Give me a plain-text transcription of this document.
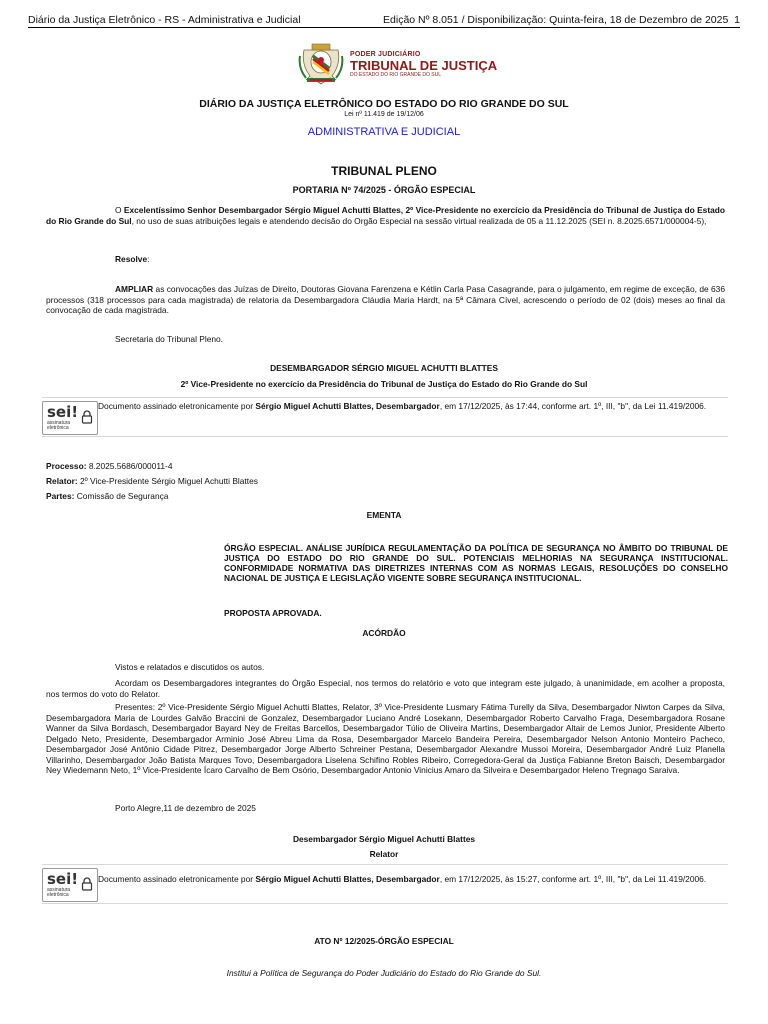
Diário da Justiça Eletrônico - RS - Administrativa e Judicial	Edição Nº 8.051 / Disponibilização: Quinta-feira, 18 de Dezembro de 2025 1
PODER JUDICIÁRIO
TRIBUNAL DE JUSTIÇA
DO ESTADO DO RIO GRANDE DO SUL
DIÁRIO DA JUSTIÇA ELETRÔNICO DO ESTADO DO RIO GRANDE DO SUL
Lei nº 11.419 de 19/12/06
ADMINISTRATIVA E JUDICIAL
TRIBUNAL PLENO
PORTARIA Nº 74/2025 - ÓRGÃO ESPECIAL

O Excelentíssimo Senhor Desembargador Sérgio Miguel Achutti Blattes, 2º Vice-Presidente no exercício da Presidência do Tribunal de Justiça do Estado do Rio Grande do Sul, no uso de suas atribuições legais e atendendo decisão do Orgão Especial na sessão virtual realizada de 05 a 11.12.2025 (SEI n. 8.2025.6571/000004-5),

Resolve:

AMPLIAR as convocações das Juízas de Direito, Doutoras Giovana Farenzena e Kétlin Carla Pasa Casagrande, para o julgamento, em regime de exceção, de 636 processos (318 processos para cada magistrada) de relatoria da Desembargadora Cláudia Maria Hardt, na 5ª Câmara Cível, acrescendo o período de 02 (dois) meses ao final da convocação de cada magistrada.

Secretaria do Tribunal Pleno.

DESEMBARGADOR SÉRGIO MIGUEL ACHUTTI BLATTES
2º Vice-Presidente no exercício da Presidência do Tribunal de Justiça do Estado do Rio Grande do Sul
sei!
assinatura
eletrônica
Documento assinado eletronicamente por Sérgio Miguel Achutti Blattes, Desembargador, em 17/12/2025, às 17:44, conforme art. 1º, III, "b", da Lei 11.419/2006.
Processo: 8.2025.5686/000011-4
Relator: 2º Vice-Presidente Sérgio Miguel Achutti Blattes
Partes: Comissão de Segurança
EMENTA

ÓRGÃO ESPECIAL. ANÁLISE JURÍDICA REGULAMENTAÇÃO DA POLÍTICA DE SEGURANÇA NO ÂMBITO DO TRIBUNAL DE JUSTIÇA DO ESTADO DO RIO GRANDE DO SUL. POTENCIAIS MELHORIAS NA SEGURANÇA INSTITUCIONAL. CONFORMIDADE NORMATIVA DAS DIRETRIZES INTERNAS COM AS NORMAS LEGAIS, RESOLUÇÕES DO CONSELHO NACIONAL DE JUSTIÇA E LEGISLAÇÃO VIGENTE SOBRE SEGURANÇA INSTITUCIONAL.

PROPOSTA APROVADA.

ACÓRDÃO

Vistos e relatados e discutidos os autos.

Acordam os Desembargadores integrantes do Órgão Especial, nos termos do relatório e voto que integram este julgado, à unanimidade, em acolher a proposta, nos termos do voto do Relator.

Presentes: 2º Vice-Presidente Sérgio Miguel Achutti Blattes, Relator, 3º Vice-Presidente Lusmary Fátima Turelly da Silva, Desembargador Niwton Carpes da Silva, Desembargadora Maria de Lourdes Galvão Braccini de Gonzalez, Desembargador Luciano André Losekann, Desembargador Roberto Carvalho Fraga, Desembargadora Rosane Wanner da Silva Bordasch, Desembargador Bayard Ney de Freitas Barcellos, Desembargador Túlio de Oliveira Martins, Desembargador Altair de Lemos Junior, Presidente Alberto Delgado Neto, Presidente, Desembargador Arminio José Abreu Lima da Rosa, Desembargador Marcelo Bandeira Pereira, Desembargador Nelson Antonio Monteiro Pacheco, Desembargador José Antônio Cidade Pitrez, Desembargador Jorge Alberto Schreiner Pestana, Desembargador Alexandre Mussoi Moreira, Desembargador André Luiz Planella Villarinho, Desembargador João Batista Marques Tovo, Desembargadora Liselena Schifino Robles Ribeiro, Corregedora-Geral da Justiça Fabianne Breton Baisch, Desembargador Ney Wiedemann Neto, 1º Vice-Presidente Ícaro Carvalho de Bem Osório, Desembargador Antonio Vinicius Amaro da Silveira e Desembargador Heleno Tregnago Saraiva.

Porto Alegre,11 de dezembro de 2025

Desembargador Sérgio Miguel Achutti Blattes
Relator
sei!
assinatura
eletrônica
Documento assinado eletronicamente por Sérgio Miguel Achutti Blattes, Desembargador, em 17/12/2025, às 15:27, conforme art. 1º, III, "b", da Lei 11.419/2006.
ATO Nº 12/2025-ÓRGÃO ESPECIAL
Institui a Política de Segurança do Poder Judiciário do Estado do Rio Grande do Sul.
